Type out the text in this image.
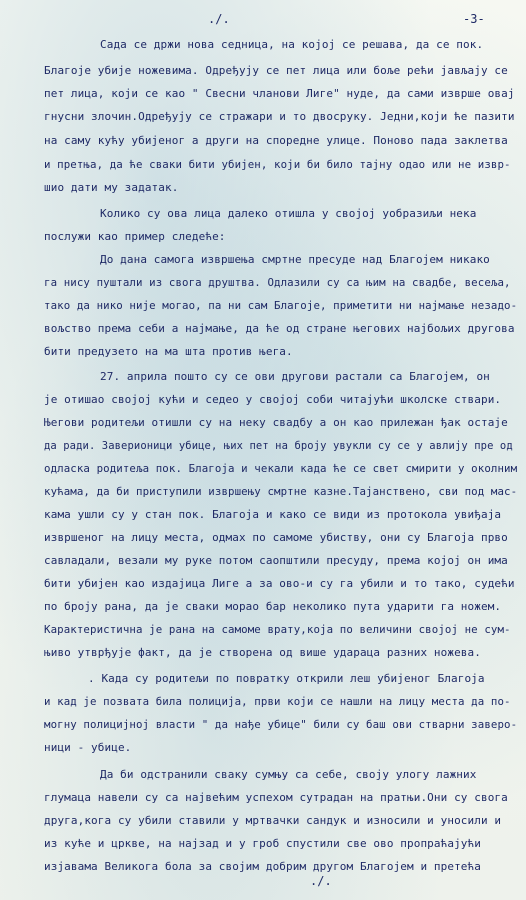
./.	-3-
Сада се држи нова седница, на којој се решава, да се пок.
Благоје убије ножевима. Одређују се пет лица или боље рећи јављају се
пет лица, који се као " Свесни чланови Лиге" нуде, да сами изврше овај
гнусни злочин.Одређују се стражари и то двосруку. Једни,који ће пазити
на саму кућу убијеног а други на споредне улице. Поново пада заклетва
и претња, да ће сваки бити убијен, који би било тајну одао или не извр-
шио дати му задатак.
Колико су ова лица далеко отишла у својој уобразиљи нека
послужи као пример следеће:
До дана самога извршења смртне пресуде над Благојем никако
га нису пуштали из свога друштва. Одлазили су са њим на свадбе, весеља,
тако да нико није могао, па ни сам Благоје, приметити ни најмање незадо-
вољство према себи а најмање, да ће од стране његових најбољих другова
бити предузето на ма шта против њега.
27. априла пошто су се ови другови растали са Благојем, он
је отишао својој кући и седео у својој соби читајући школске ствари.
Његови родитељи отишли су на неку свадбу а он као прилежан ђак остаје
да ради. Заверионици убице, њих пет на броју увукли су се у авлију пре од
одласка родитеља пок. Благоја и чекали када ће се свет смирити у околним
кућама, да би приступили извршењу смртне казне.Тајанствено, сви под мас-
кама ушли су у стан пок. Благоја и како се види из протокола увиђаја
извршеног на лицу места, одмах по самоме убиству, они су Благоја прво
савладали, везали му руке потом саопштили пресуду, према којој он има
бити убијен као издајица Лиге а за ово-и су га убили и то тако, судећи
по броју рана, да је сваки морао бар неколико пута ударити га ножем.
Карактеристична је рана на самоме врату,која по величини својој не сум-
њиво утврђује факт, да је створена од више удараца разних ножева.
. Када су родитељи по повратку открили леш убијеног Благоја
и кад је позвата била полиција, први који се нашли на лицу места да по-
могну полицијној власти " да нађе убице" били су баш ови стварни заверо-
ници - убице.
Да би одстранили сваку сумњу са себе, своју улогу лажних
глумаца навели су са највећим успехом сутрадан на пратњи.Они су свога
друга,кога су убили ставили у мртвачки сандук и износили и уносили и
из куће и цркве, на најзад и у гроб спустили све ово пропраћајући
изјавама Великога бола за својим добрим другом Благојем и претећа
./.
